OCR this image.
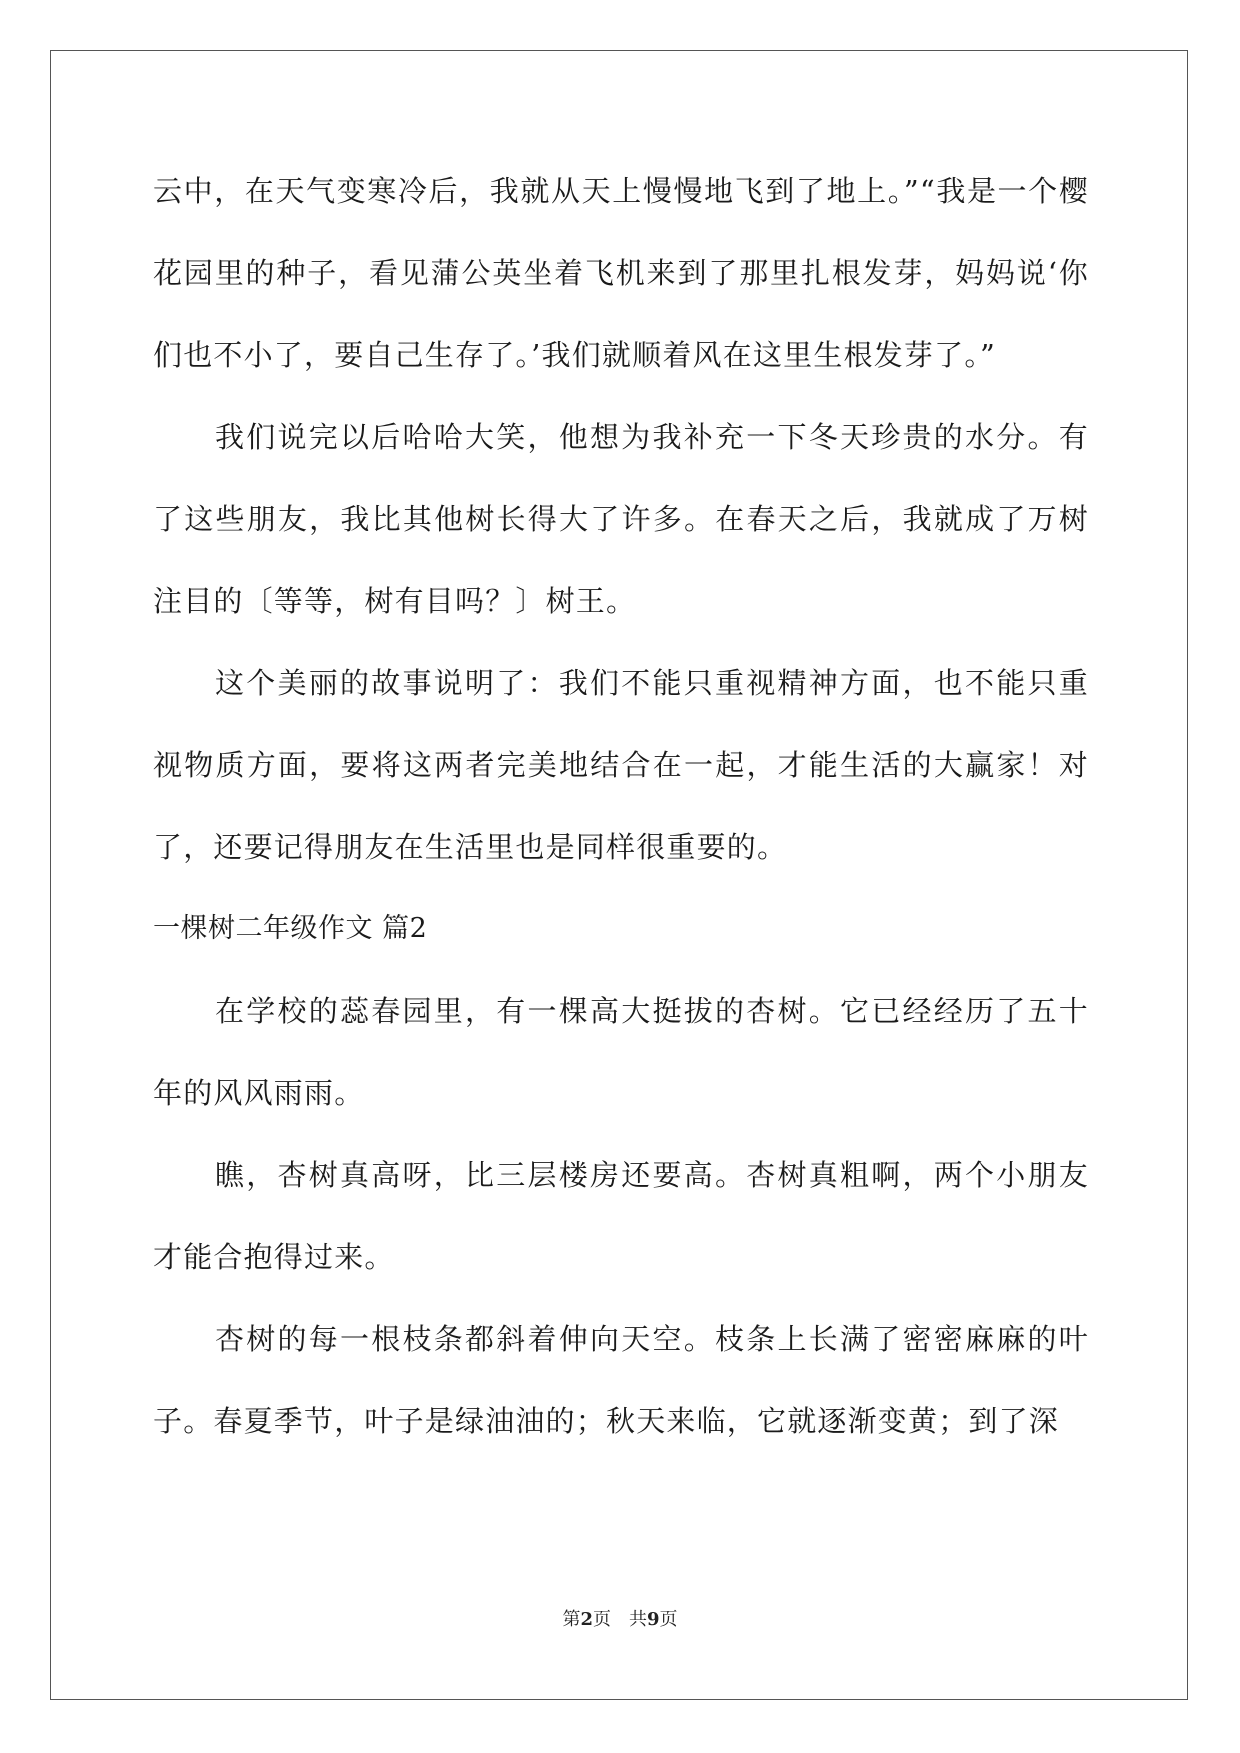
云中，在天气变寒冷后，我就从天上慢慢地飞到了地上。”“我是一个樱花园里的种子，看见蒲公英坐着飞机来到了那里扎根发芽，妈妈说‘你们也不小了，要自己生存了。’我们就顺着风在这里生根发芽了。”

我们说完以后哈哈大笑，他想为我补充一下冬天珍贵的水分。有了这些朋友，我比其他树长得大了许多。在春天之后，我就成了万树注目的〔等等，树有目吗？〕树王。

这个美丽的故事说明了：我们不能只重视精神方面，也不能只重视物质方面，要将这两者完美地结合在一起，才能生活的大赢家！对了，还要记得朋友在生活里也是同样很重要的。

一棵树二年级作文 篇2

在学校的蕊春园里，有一棵高大挺拔的杏树。它已经经历了五十年的风风雨雨。

瞧，杏树真高呀，比三层楼房还要高。杏树真粗啊，两个小朋友才能合抱得过来。

杏树的每一根枝条都斜着伸向天空。枝条上长满了密密麻麻的叶子。春夏季节，叶子是绿油油的；秋天来临，它就逐渐变黄；到了深

第2页 共9页
